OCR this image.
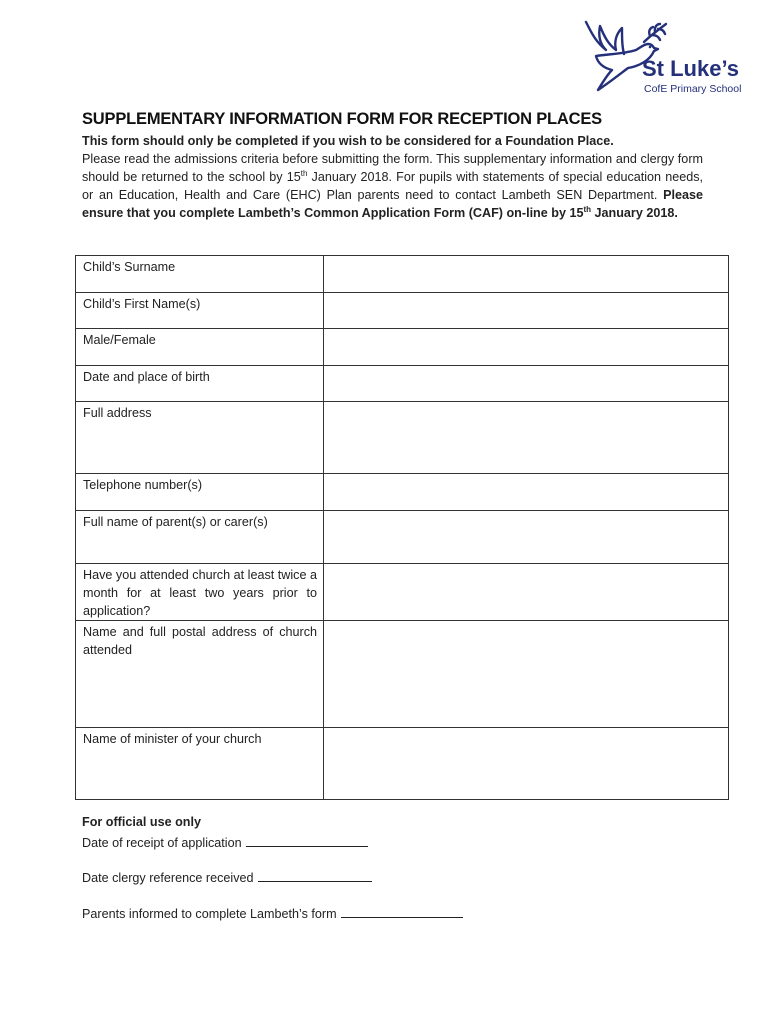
St Luke’s
CofE Primary School
SUPPLEMENTARY INFORMATION FORM FOR RECEPTION PLACES
This form should only be completed if you wish to be considered for a Foundation Place.
Please read the admissions criteria before submitting the form. This supplementary information and clergy form should be returned to the school by 15th January 2018. For pupils with statements of special education needs, or an Education, Health and Care (EHC) Plan parents need to contact Lambeth SEN Department. Please ensure that you complete Lambeth’s Common Application Form (CAF) on-line by 15th January 2018.
Child’s Surname	
Child’s First Name(s)	
Male/Female	
Date and place of birth	
Full address	
Telephone number(s)	
Full name of parent(s) or carer(s)	
Have you attended church at least twice a month for at least two years prior to application?	
Name and full postal address of church attended	
Name of minister of your church	
For official use only
Date of receipt of application
Date clergy reference received
Parents informed to complete Lambeth’s form
